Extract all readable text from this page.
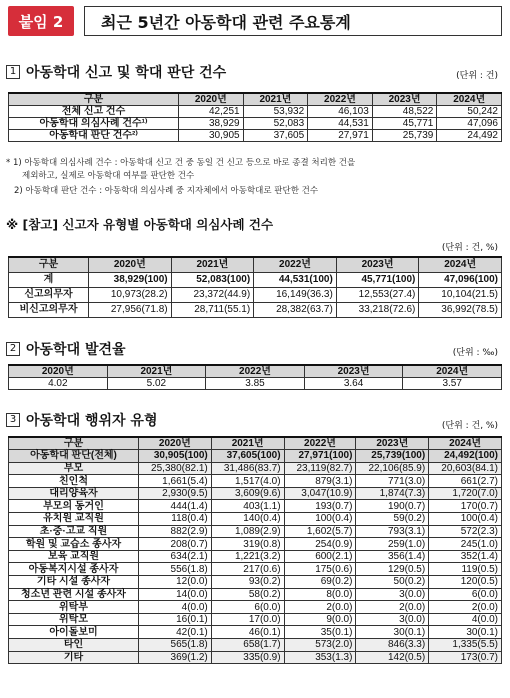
붙임 2	최근 5년간 아동학대 관련 주요통계
1 아동학대 신고 및 학대 판단 건수	(단위 : 건)
구분	2020년	2021년	2022년	2023년	2024년
전체 신고 건수	42,251	53,932	46,103	48,522	50,242
아동학대 의심사례 건수¹⁾	38,929	52,083	44,531	45,771	47,096
아동학대 판단 건수²⁾	30,905	37,605	27,971	25,739	24,492
* 1) 아동학대 의심사례 건수 : 아동학대 신고 건 중 동일 건 신고 등으로 바로 종결 처리한 건을
제외하고, 실제로 아동학대 여부를 판단한 건수
2) 아동학대 판단 건수 : 아동학대 의심사례 중 지자체에서 아동학대로 판단한 건수
※ [참고] 신고자 유형별 아동학대 의심사례 건수
(단위 : 건, %)
구분	2020년	2021년	2022년	2023년	2024년
계	38,929(100)	52,083(100)	44,531(100)	45,771(100)	47,096(100)
신고의무자	10,973(28.2)	23,372(44.9)	16,149(36.3)	12,553(27.4)	10,104(21.5)
비신고의무자	27,956(71.8)	28,711(55.1)	28,382(63.7)	33,218(72.6)	36,992(78.5)
2 아동학대 발견율	(단위 : ‰)
2020년	2021년	2022년	2023년	2024년
4.02	5.02	3.85	3.64	3.57
3 아동학대 행위자 유형	(단위 : 건, %)
구분	2020년	2021년	2022년	2023년	2024년
아동학대 판단(전체)	30,905(100)	37,605(100)	27,971(100)	25,739(100)	24,492(100)
부모	25,380(82.1)	31,486(83.7)	23,119(82.7)	22,106(85.9)	20,603(84.1)
친인척	1,661(5.4)	1,517(4.0)	879(3.1)	771(3.0)	661(2.7)
대리양육자	2,930(9.5)	3,609(9.6)	3,047(10.9)	1,874(7.3)	1,720(7.0)
부모의 동거인	444(1.4)	403(1.1)	193(0.7)	190(0.7)	170(0.7)
유치원 교직원	118(0.4)	140(0.4)	100(0.4)	59(0.2)	100(0.4)
초·중·고교 직원	882(2.9)	1,089(2.9)	1,602(5.7)	793(3.1)	572(2.3)
학원 및 교습소 종사자	208(0.7)	319(0.8)	254(0.9)	259(1.0)	245(1.0)
보육 교직원	634(2.1)	1,221(3.2)	600(2.1)	356(1.4)	352(1.4)
아동복지시설 종사자	556(1.8)	217(0.6)	175(0.6)	129(0.5)	119(0.5)
기타 시설 종사자	12(0.0)	93(0.2)	69(0.2)	50(0.2)	120(0.5)
청소년 관련 시설 종사자	14(0.0)	58(0.2)	8(0.0)	3(0.0)	6(0.0)
위탁부	4(0.0)	6(0.0)	2(0.0)	2(0.0)	2(0.0)
위탁모	16(0.1)	17(0.0)	9(0.0)	3(0.0)	4(0.0)
아이돌보미	42(0.1)	46(0.1)	35(0.1)	30(0.1)	30(0.1)
타인	565(1.8)	658(1.7)	573(2.0)	846(3.3)	1,335(5.5)
기타	369(1.2)	335(0.9)	353(1.3)	142(0.5)	173(0.7)
